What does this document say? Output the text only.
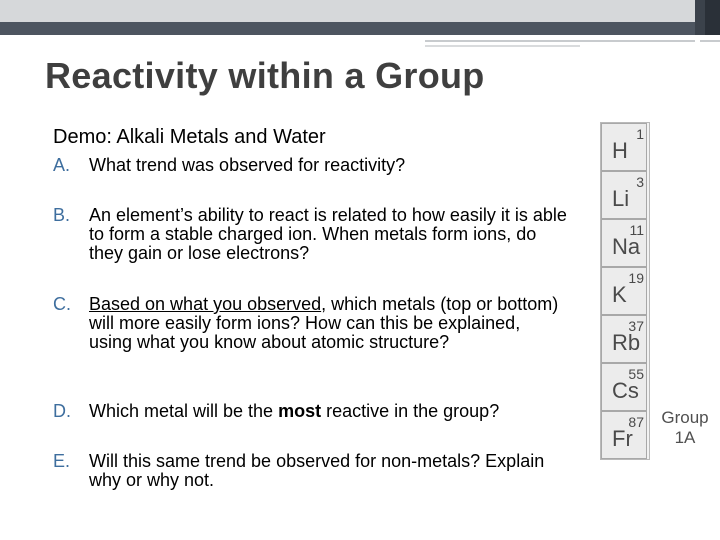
Reactivity within a Group
Demo: Alkali Metals and Water
A. What trend was observed for reactivity?
B. An element’s ability to react is related to how easily it is able to form a stable charged ion. When metals form ions, do they gain or lose electrons?
C. Based on what you observed, which metals (top or bottom) will more easily form ions? How can this be explained, using what you know about atomic structure?
D. Which metal will be the most reactive in the group?
E. Will this same trend be observed for non-metals? Explain why or why not.
H
1
Li
3
Na
11
K
19
Rb
37
Cs
55
Fr
87	Group
1A
